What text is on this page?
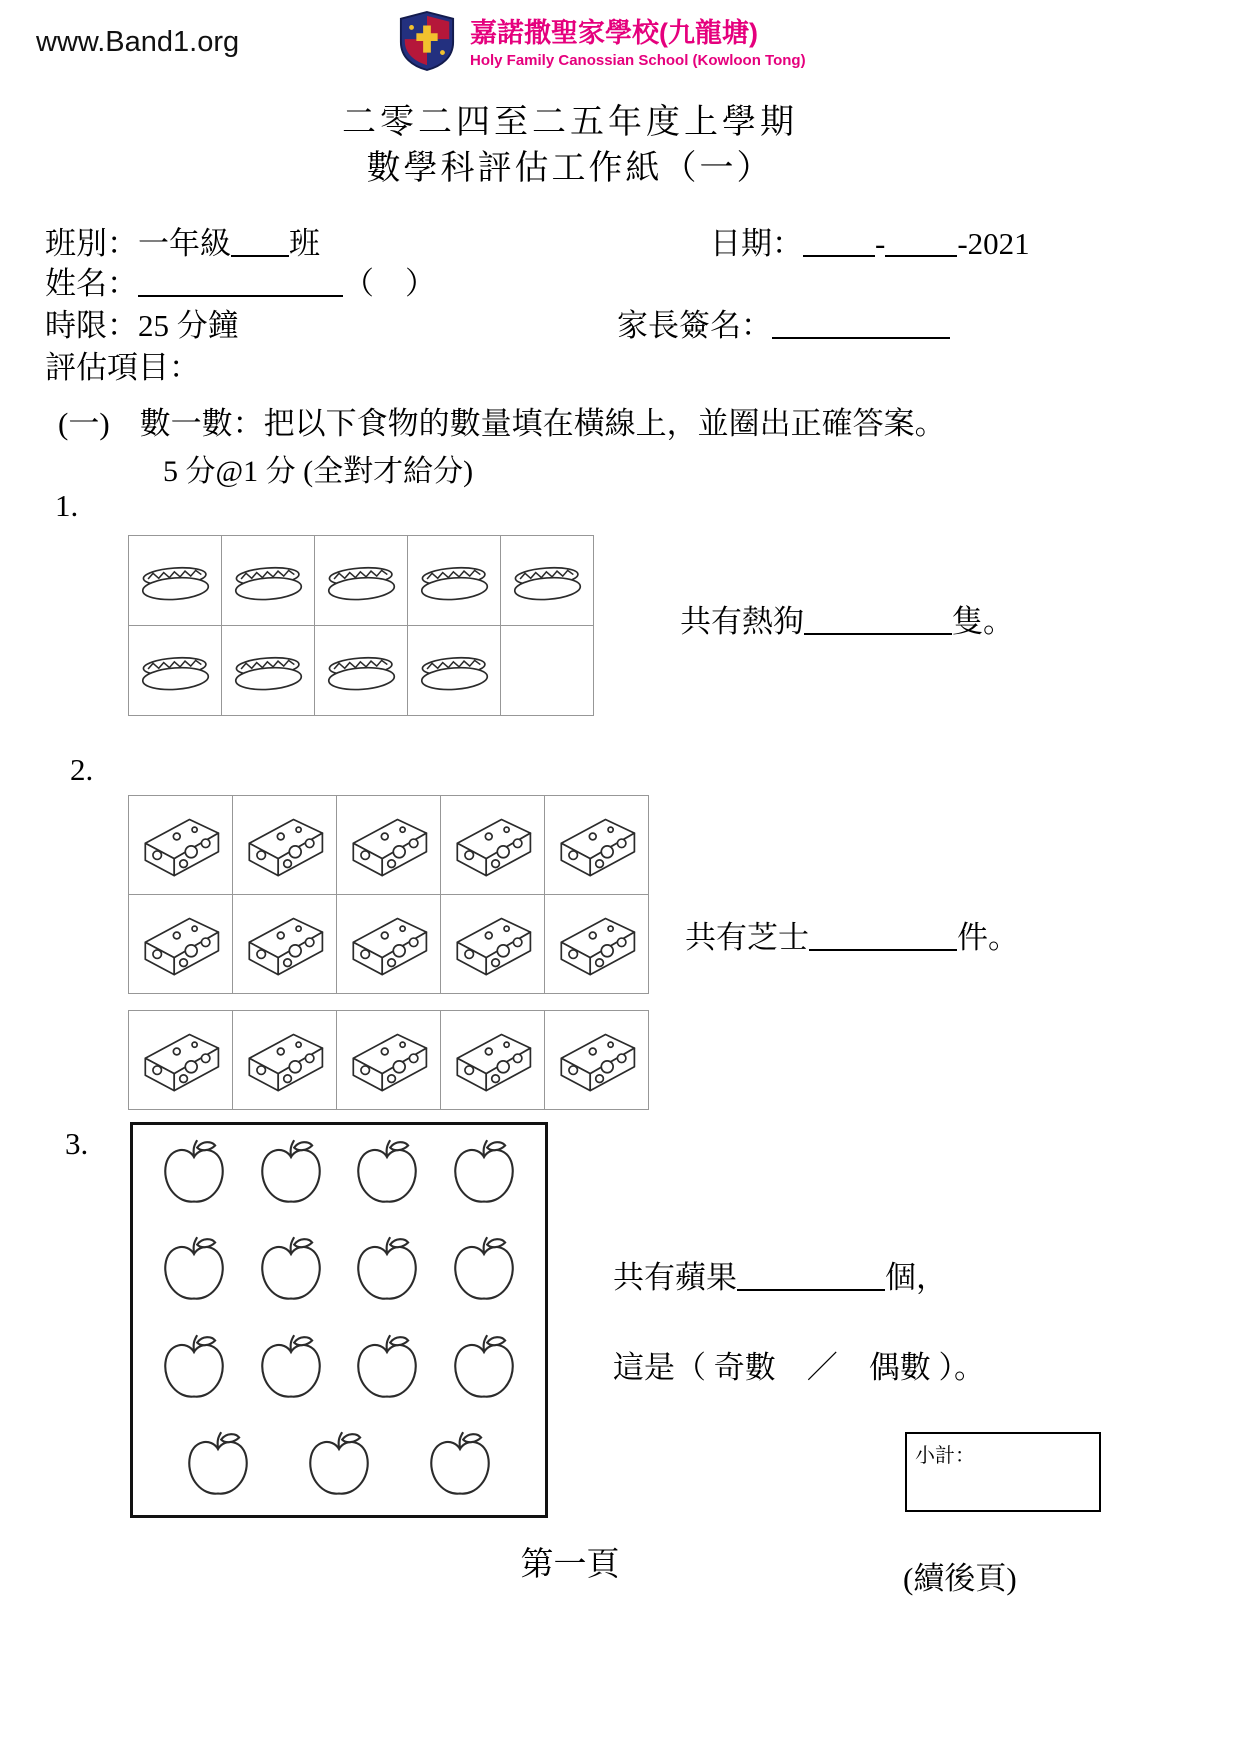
www.Band1.org	嘉諾撒聖家學校(九龍塘)
Holy Family Canossian School (Kowloon Tong)
二零二四至二五年度上學期
數學科評估工作紙（一）
班別：一年級 班	日期： - -2021
姓名：	（　）
時限：25 分鐘	家長簽名：
評估項目：
(一) 數一數：把以下食物的數量填在橫線上，並圈出正確答案。
5 分@1 分 (全對才給分)
1.
共有熱狗	隻。
2.
共有芝士	件。
3.
共有蘋果	個，
這是（ 奇數　／　偶數 ）。
小計：
第一頁	(續後頁)
